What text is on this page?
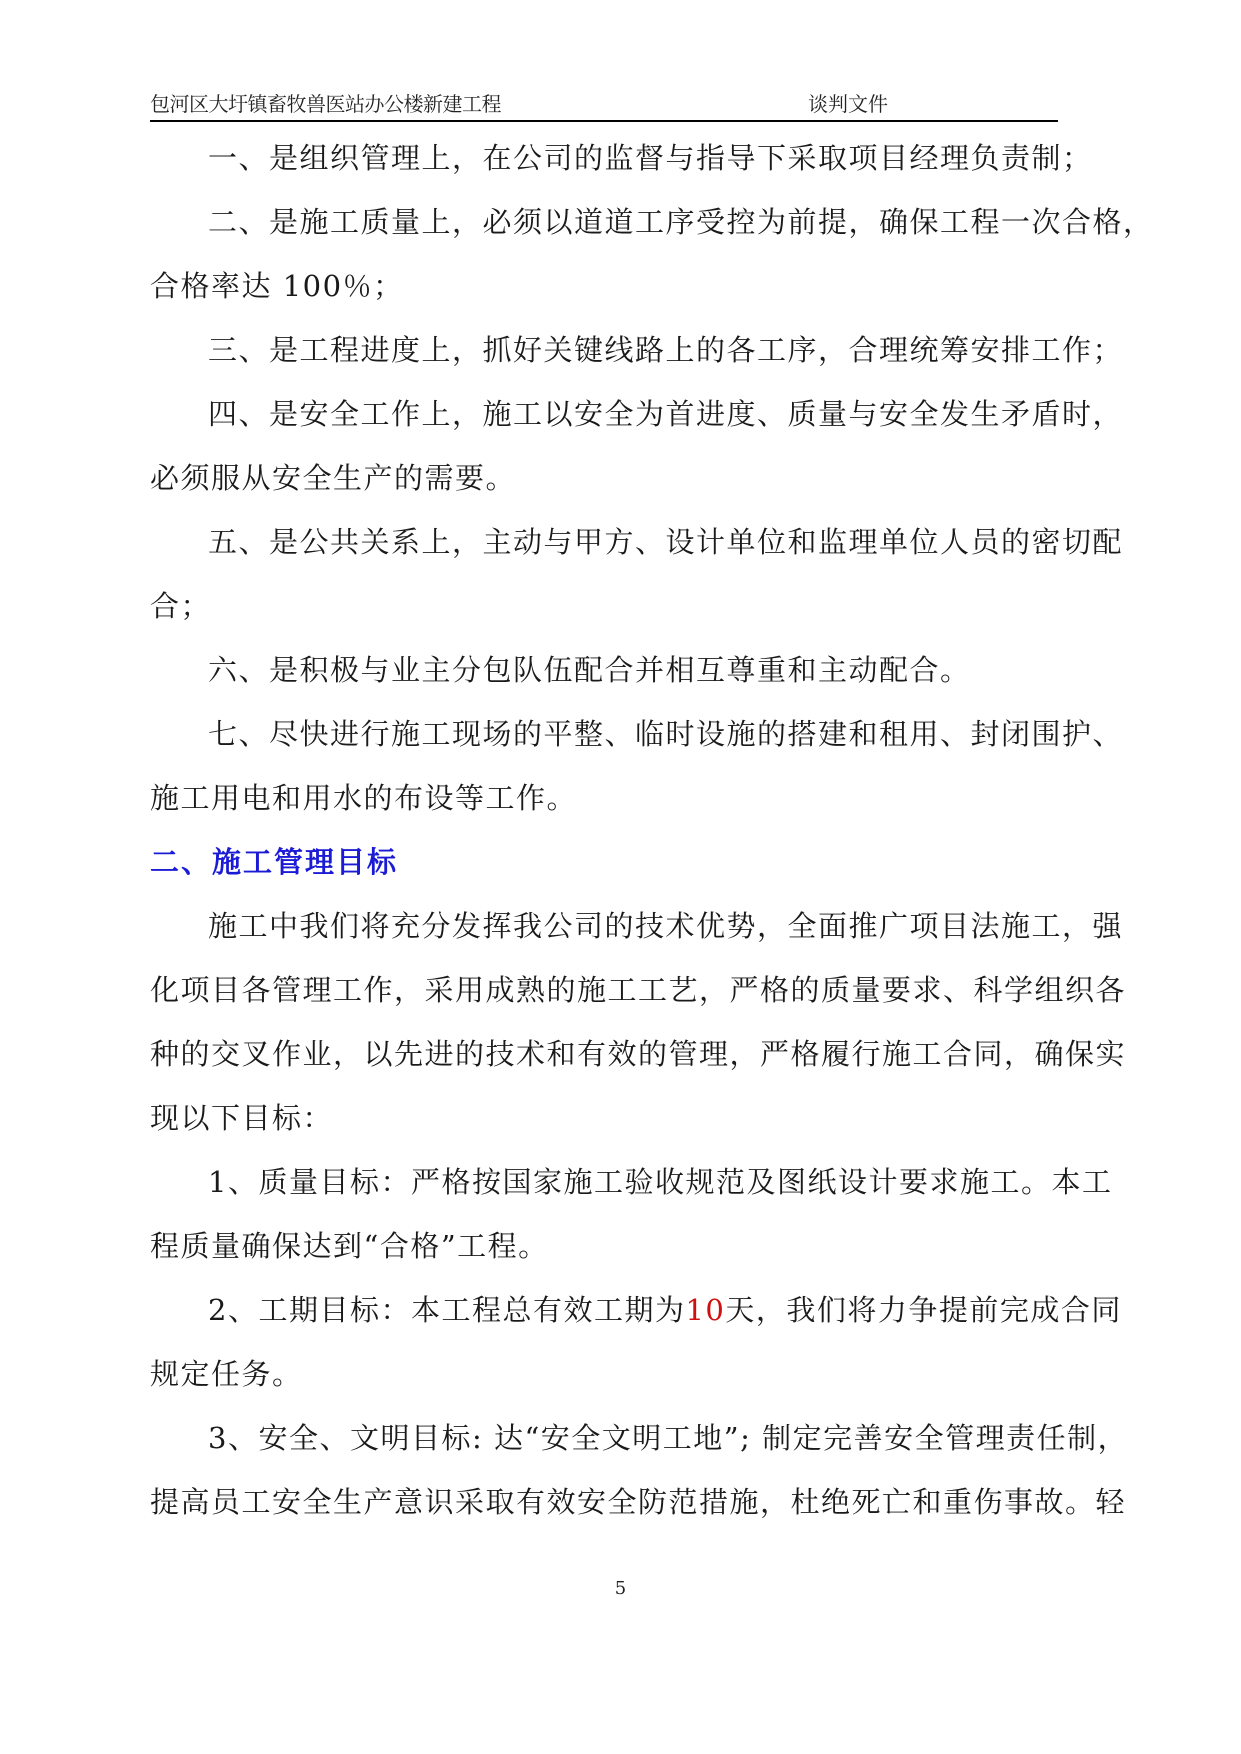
包河区大圩镇畜牧兽医站办公楼新建工程	谈判文件
一、是组织管理上，在公司的监督与指导下采取项目经理负责制；
二、是施工质量上，必须以道道工序受控为前提，确保工程一次合格，
合格率达 100％；
三、是工程进度上，抓好关键线路上的各工序，合理统筹安排工作；
四、是安全工作上，施工以安全为首进度、质量与安全发生矛盾时，
必须服从安全生产的需要。
五、是公共关系上，主动与甲方、设计单位和监理单位人员的密切配
合；
六、是积极与业主分包队伍配合并相互尊重和主动配合。
七、尽快进行施工现场的平整、临时设施的搭建和租用、封闭围护、
施工用电和用水的布设等工作。
二、施工管理目标
施工中我们将充分发挥我公司的技术优势，全面推广项目法施工，强
化项目各管理工作，采用成熟的施工工艺，严格的质量要求、科学组织各
种的交叉作业，以先进的技术和有效的管理，严格履行施工合同，确保实
现以下目标：
1、质量目标：严格按国家施工验收规范及图纸设计要求施工。本工
程质量确保达到“合格”工程。
2、工期目标：本工程总有效工期为10天，我们将力争提前完成合同
规定任务。
3、安全、文明目标: 达“安全文明工地”; 制定完善安全管理责任制，
提高员工安全生产意识采取有效安全防范措施，杜绝死亡和重伤事故。轻
5
